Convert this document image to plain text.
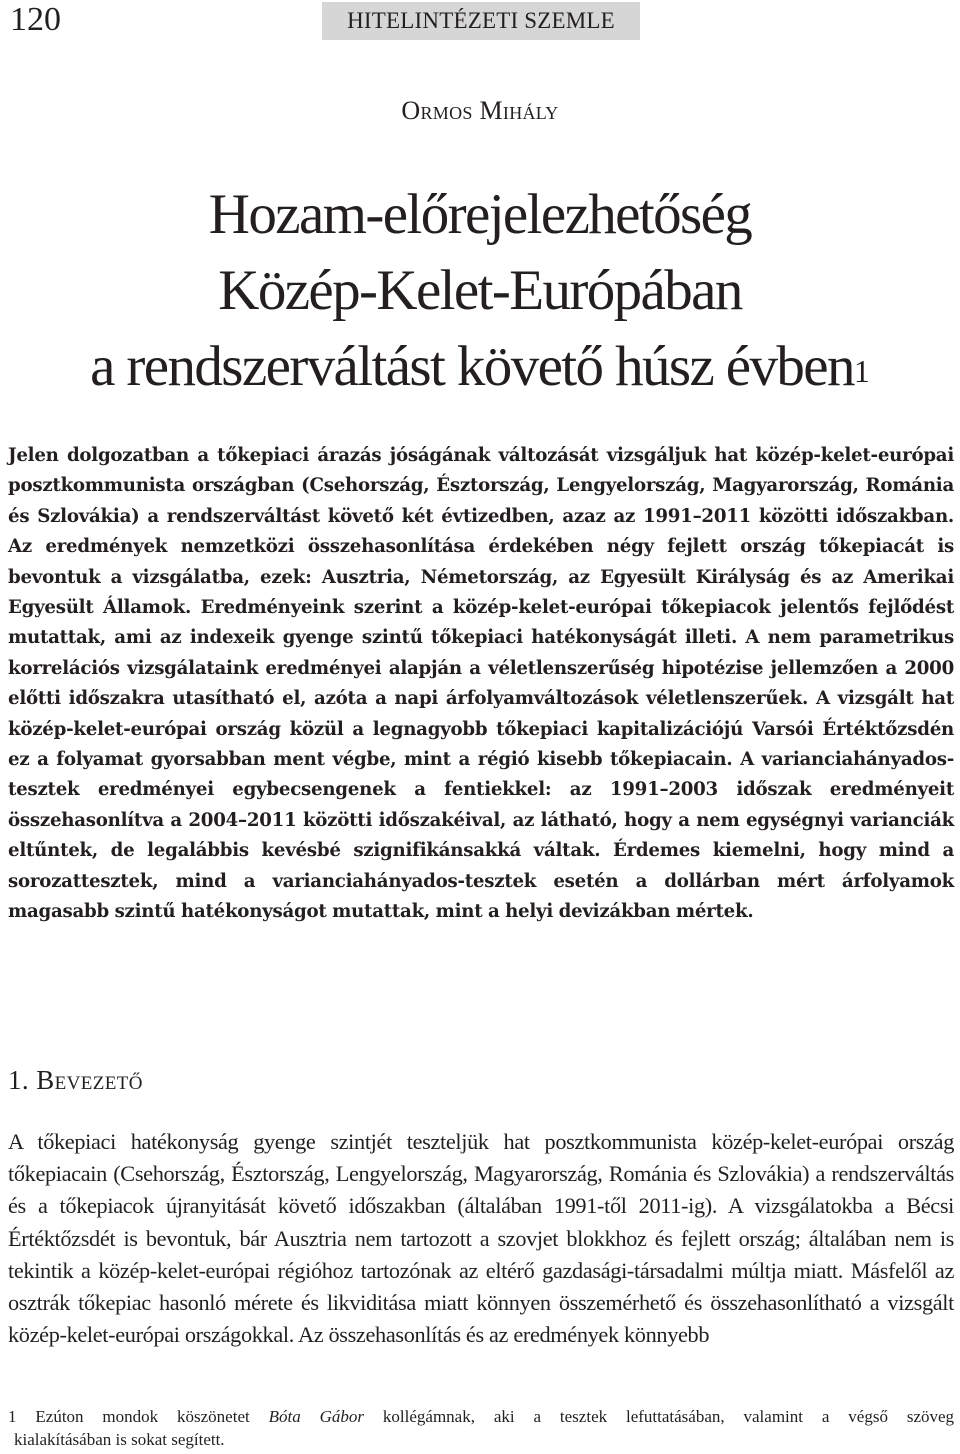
120	HITELINTÉZETI SZEMLE
Ormos Mihály
Hozam-előrejelezhetőség
Közép-Kelet-Európában
a rendszerváltást követő húsz évben$^1$

Jelen dolgozatban a tőkepiaci árazás jóságának változását vizsgáljuk hat közép-kelet-európai posztkommunista országban (Csehország, Észtország, Lengyelország, Magyarország, Románia és Szlovákia) a rendszerváltást követő két évtizedben, azaz az 1991–2011 közötti időszakban. Az eredmények nemzetközi összehasonlítása érdekében négy fejlett ország tőkepiacát is bevontuk a vizsgálatba, ezek: Ausztria, Németország, az Egyesült Királyság és az Amerikai Egyesült Államok. Eredményeink szerint a közép-kelet-európai tőkepiacok jelentős fejlődést mutattak, ami az indexeik gyenge szintű tőkepiaci hatékonyságát illeti. A nem parametrikus korrelációs vizsgálataink eredményei alapján a véletlenszerűség hipotézise jellemzően a 2000 előtti időszakra utasítható el, azóta a napi árfolyamváltozások véletlenszerűek. A vizsgált hat közép-kelet-európai ország közül a legnagyobb tőkepiaci kapitalizációjú Varsói Értéktőzsdén ez a folyamat gyorsabban ment végbe, mint a régió kisebb tőkepiacain. A varianciahányados-tesztek eredményei egybecsengenek a fentiekkel: az 1991–2003 időszak eredményeit összehasonlítva a 2004–2011 közötti időszakéival, az látható, hogy a nem egységnyi varianciák eltűntek, de legalábbis kevésbé szignifikánsakká váltak. Érdemes kiemelni, hogy mind a sorozattesztek, mind a varianciahányados-tesztek esetén a dollárban mért árfolyamok magasabb szintű hatékonyságot mutattak, mint a helyi devizákban mértek.

1. Bevezető

A tőkepiaci hatékonyság gyenge szintjét teszteljük hat posztkommunista közép-kelet-európai ország tőkepiacain (Csehország, Észtország, Lengyelország, Magyarország, Románia és Szlovákia) a rendszerváltás és a tőkepiacok újranyitását követő időszakban (általában 1991-től 2011-ig). A vizsgálatokba a Bécsi Értéktőzsdét is bevontuk, bár Ausztria nem tartozott a szovjet blokkhoz és fejlett ország; általában nem is tekintik a közép-kelet-európai régióhoz tartozónak az eltérő gazdasági-társadalmi múltja miatt. Másfelől az osztrák tőkepiac hasonló mérete és likviditása miatt könnyen összemérhető és összehasonlítható a vizsgált közép-kelet-európai országokkal. Az összehasonlítás és az eredmények könnyebb

1 Ezúton mondok köszönetet Bóta Gábor kollégámnak, aki a tesztek lefuttatásában, valamint a végső szöveg
kialakításában is sokat segített.
